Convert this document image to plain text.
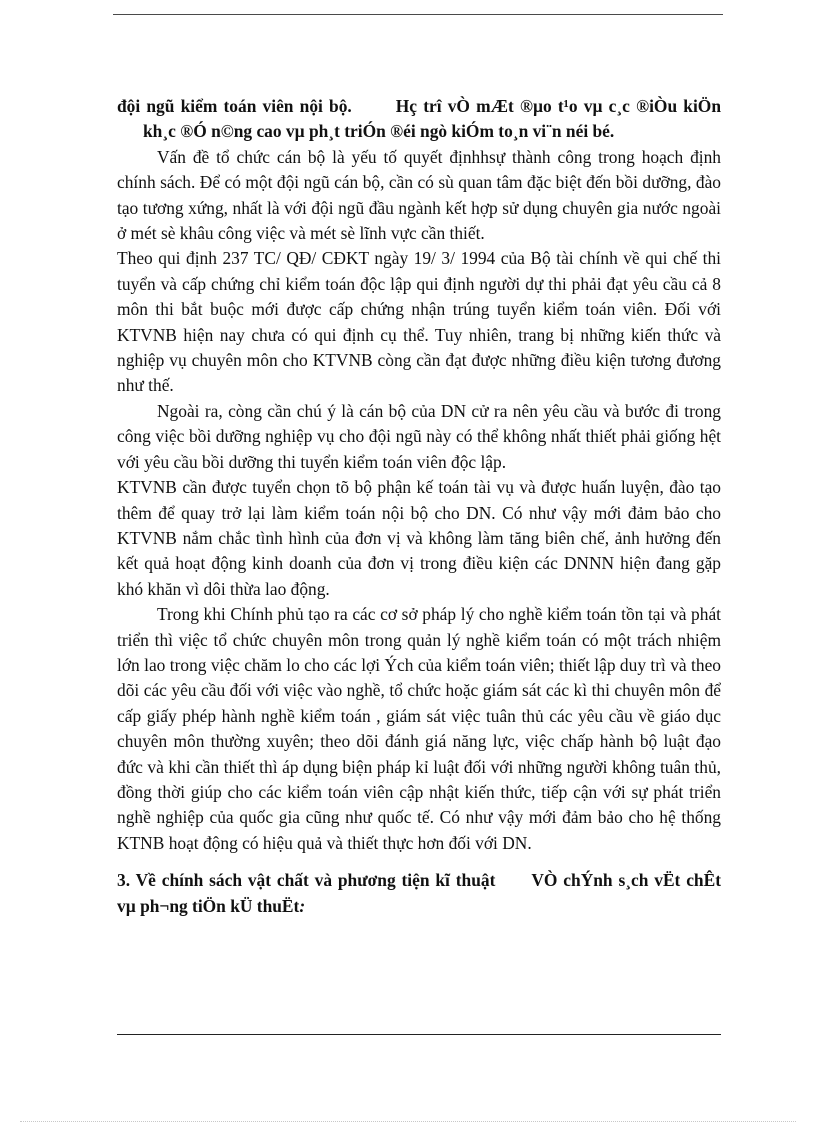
đội ngũ kiểm toán viên nội bộ.	Hç trî vÒ mÆt ®µo t¹o vµ c¸c ®iÒu kiÖn kh¸c ®Ó n©ng cao vµ ph¸t triÓn ®éi ngò kiÓm to¸n vi¨n néi bé.

Vấn đề tổ chức cán bộ là yếu tố quyết địnhhsự thành công trong hoạch định chính sách. Để có một đội ngũ cán bộ, cần có sù quan tâm đặc biệt đến bồi dưỡng, đào tạo tương xứng, nhất là với đội ngũ đầu ngành kết hợp sử dụng chuyên gia nước ngoài ở mét sè khâu công việc và mét sè lĩnh vực cần thiết.

Theo qui định 237 TC/ QĐ/ CĐKT ngày 19/ 3/ 1994 của Bộ tài chính về qui chế thi tuyển và cấp chứng chỉ kiểm toán độc lập qui định người dự thi phải đạt yêu cầu cả 8 môn thi bắt buộc mới được cấp chứng nhận trúng tuyển kiểm toán viên. Đối với KTVNB hiện nay chưa có qui định cụ thể. Tuy nhiên, trang bị những kiến thức và nghiệp vụ chuyên môn cho KTVNB còng cần đạt được những điều kiện tương đương như thế.

Ngoài ra, còng cần chú ý là cán bộ của DN cử ra nên yêu cầu và bước đi trong công việc bồi dưỡng nghiệp vụ cho đội ngũ này có thể không nhất thiết phải giống hệt với yêu cầu bồi dưỡng thi tuyển kiểm toán viên độc lập.

KTVNB cần được tuyển chọn tõ bộ phận kế toán tài vụ và được huấn luyện, đào tạo thêm để quay trở lại làm kiểm toán nội bộ cho DN. Có như vậy mới đảm bảo cho KTVNB nắm chắc tình hình của đơn vị và không làm tăng biên chế, ảnh hưởng đến kết quả hoạt động kinh doanh của đơn vị trong điều kiện các DNNN hiện đang gặp khó khăn vì dôi thừa lao động.

Trong khi Chính phủ tạo ra các cơ sở pháp lý cho nghề kiểm toán tồn tại và phát triển thì việc tổ chức chuyên môn trong quản lý nghề kiểm toán có một trách nhiệm lớn lao trong việc chăm lo cho các lợi Ých của kiểm toán viên; thiết lập duy trì và theo dõi các yêu cầu đối với việc vào nghề, tổ chức hoặc giám sát các kì thi chuyên môn để cấp giấy phép hành nghề kiểm toán , giám sát việc tuân thủ các yêu cầu về giáo dục chuyên môn thường xuyên; theo dõi đánh giá năng lực, việc chấp hành bộ luật đạo đức và khi cần thiết thì áp dụng biện pháp kỉ luật đối với những người không tuân thủ, đồng thời giúp cho các kiểm toán viên cập nhật kiến thức, tiếp cận với sự phát triển nghề nghiệp của quốc gia cũng như quốc tế. Có như vậy mới đảm bảo cho hệ thống KTNB hoạt động có hiệu quả và thiết thực hơn đối với DN.

3. Về chính sách vật chất và phương tiện kĩ thuật VÒ chÝnh s¸ch vËt chÊt vµ ph¬ng tiÖn kÜ thuËt:
